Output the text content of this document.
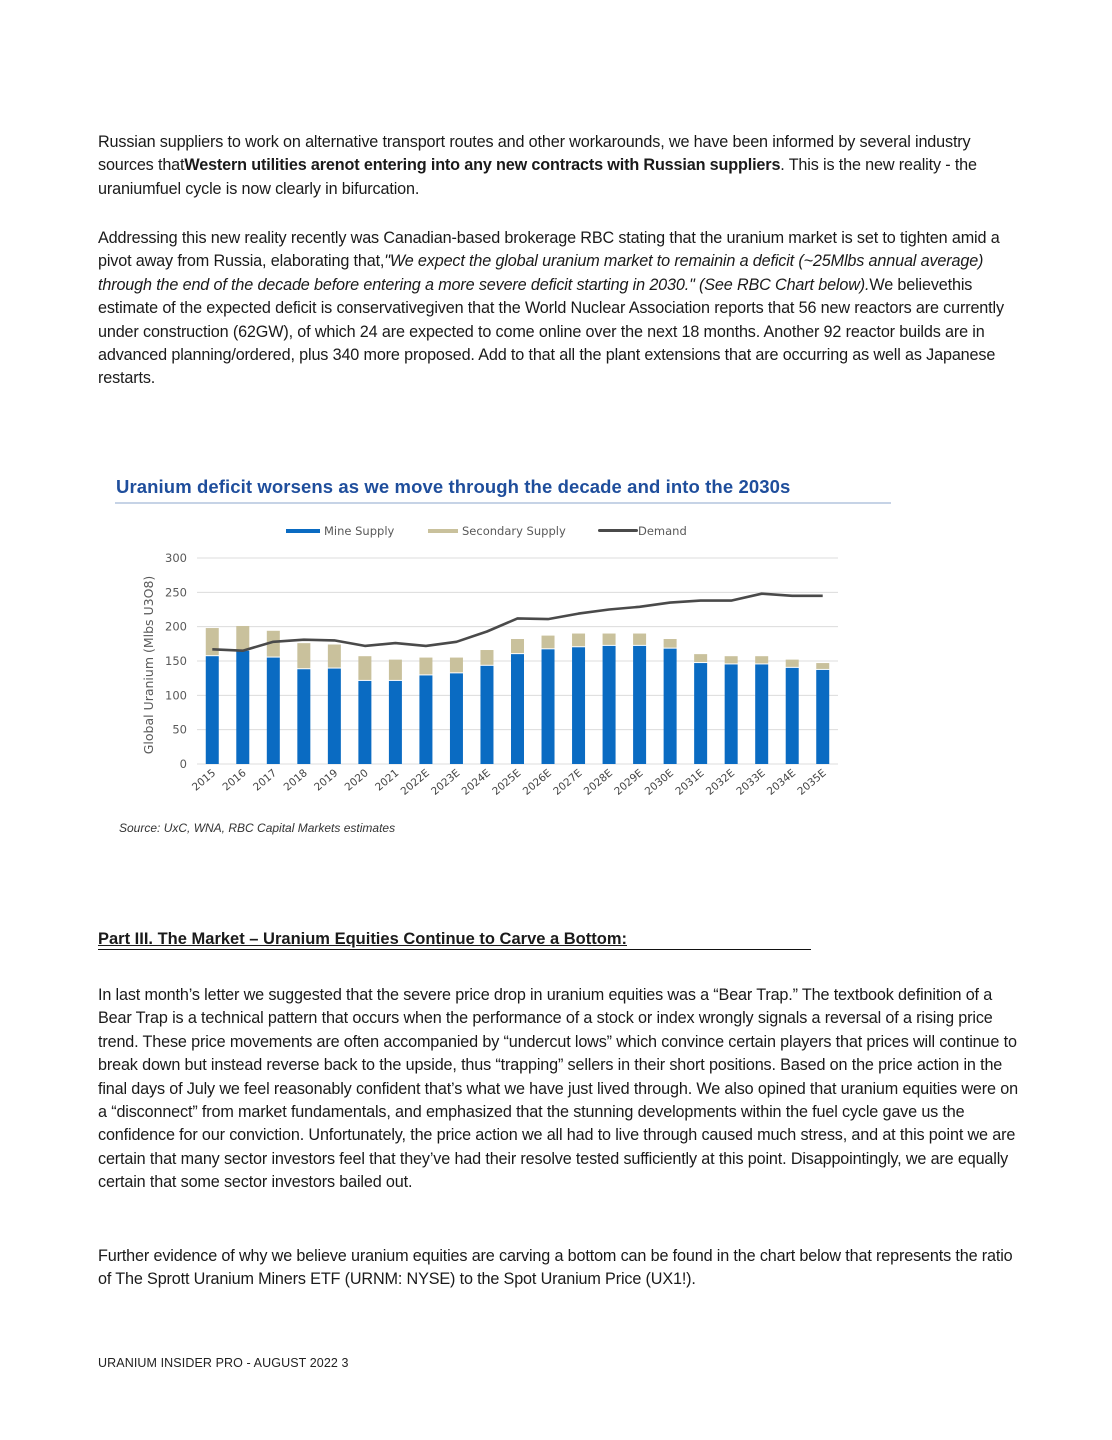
Russian suppliers to work on alternative transport routes and other workarounds, we have been informed by several industry sources thatWestern utilities arenot entering into any new contracts with Russian suppliers. This is the new reality - the uraniumfuel cycle is now clearly in bifurcation.

Addressing this new reality recently was Canadian-based brokerage RBC stating that the uranium market is set to tighten amid a pivot away from Russia, elaborating that,"We expect the global uranium market to remainin a deficit (~25Mlbs annual average) through the end of the decade before entering a more severe deficit starting in 2030." (See RBC Chart below).We believethis estimate of the expected deficit is conservativegiven that the World Nuclear Association reports that 56 new reactors are currently under construction (62GW), of which 24 are expected to come online over the next 18 months. Another 92 reactor builds are in advanced planning/ordered, plus 340 more proposed. Add to that all the plant extensions that are occurring as well as Japanese restarts.

Uranium deficit worsens as we move through the decade and into the 2030s
Mine Supply	Secondary Supply	Demand
0
50
100
150
200
250
300
Global Uranium (Mlbs U3O8)
2015 2016 2017 2018 2019 2020 2021
2022E
2023E
2024E
2025E
2026E
2027E
2028E
2029E
2030E
2031E
2032E
2033E
2034E
2035E
Source: UxC, WNA, RBC Capital Markets estimates
Part III. The Market – Uranium Equities Continue to Carve a Bottom:

In last month’s letter we suggested that the severe price drop in uranium equities was a “Bear Trap.” The textbook definition of a Bear Trap is a technical pattern that occurs when the performance of a stock or index wrongly signals a reversal of a rising price trend. These price movements are often accompanied by “undercut lows” which convince certain players that prices will continue to break down but instead reverse back to the upside, thus “trapping” sellers in their short positions. Based on the price action in the final days of July we feel reasonably confident that’s what we have just lived through. We also opined that uranium equities were on a “disconnect” from market fundamentals, and emphasized that the stunning developments within the fuel cycle gave us the confidence for our conviction. Unfortunately, the price action we all had to live through caused much stress, and at this point we are certain that many sector investors feel that they’ve had their resolve tested sufficiently at this point. Disappointingly, we are equally certain that some sector investors bailed out.

Further evidence of why we believe uranium equities are carving a bottom can be found in the chart below that represents the ratio of The Sprott Uranium Miners ETF (URNM: NYSE) to the Spot Uranium Price (UX1!).

URANIUM INSIDER PRO - AUGUST 2022 3
